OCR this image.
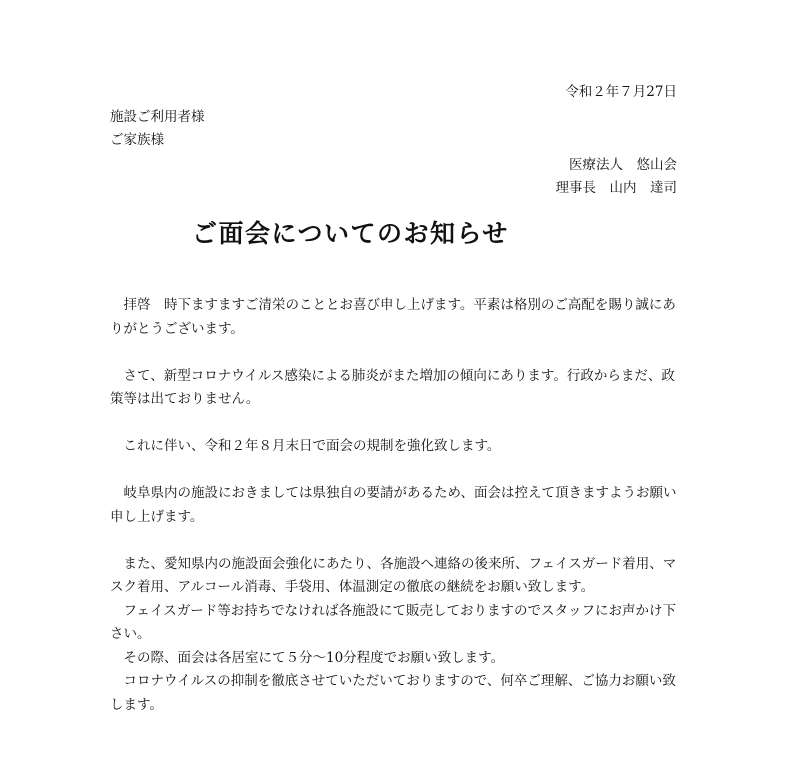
令和２年７月27日
施設ご利用者様
ご家族様
医療法人　悠山会
理事長　山内　達司
ご面会についてのお知らせ

拝啓　時下ますますご清栄のこととお喜び申し上げます。平素は格別のご高配を賜り誠にありがとうございます。

さて、新型コロナウイルス感染による肺炎がまた増加の傾向にあります。行政からまだ、政策等は出ておりません。

これに伴い、令和２年８月末日で面会の規制を強化致します。

岐阜県内の施設におきましては県独自の要請があるため、面会は控えて頂きますようお願い申し上げます。

また、愛知県内の施設面会強化にあたり、各施設へ連絡の後来所、フェイスガード着用、マスク着用、アルコール消毒、手袋用、体温測定の徹底の継続をお願い致します。

フェイスガード等お持ちでなければ各施設にて販売しておりますのでスタッフにお声かけ下さい。

その際、面会は各居室にて５分〜10分程度でお願い致します。

コロナウイルスの抑制を徹底させていただいておりますので、何卒ご理解、ご協力お願い致します。
